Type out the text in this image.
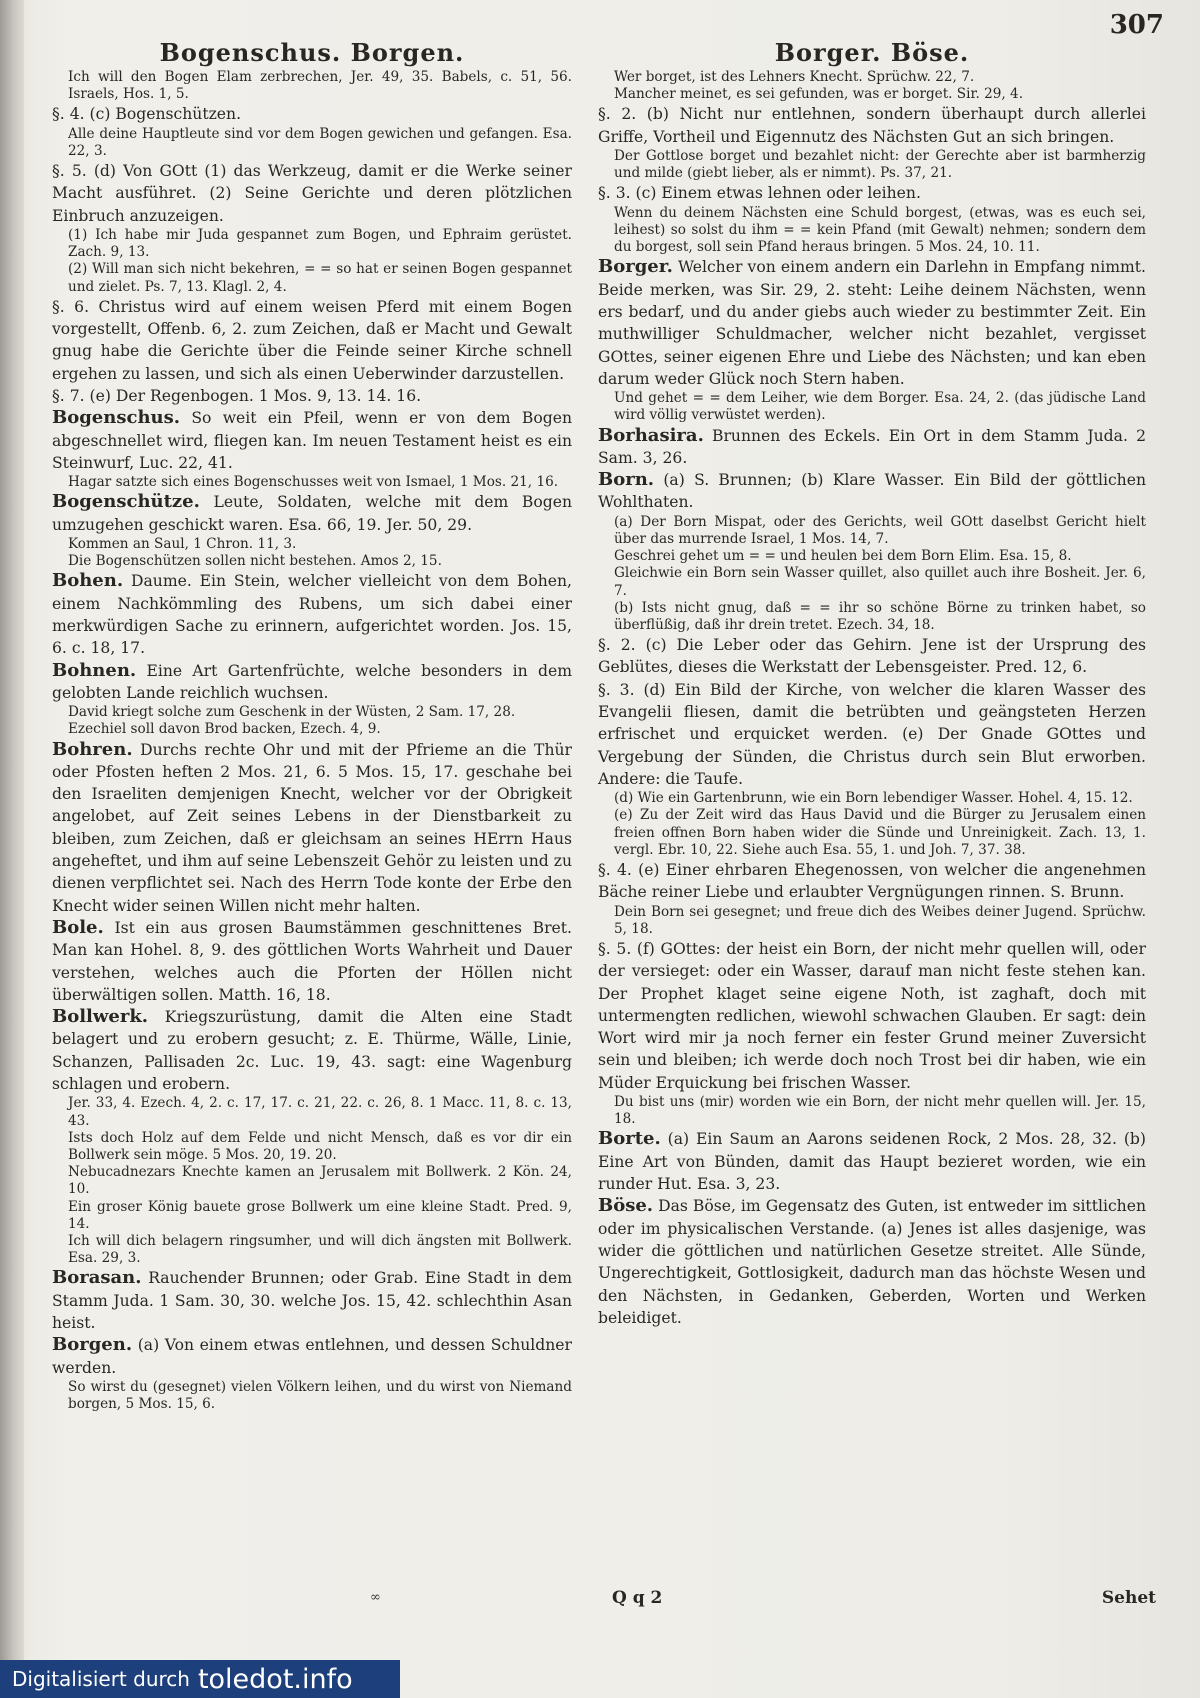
Bogenschus. Borgen.

Ich will den Bogen Elam zerbrechen, Jer. 49, 35. Babels, c. 51, 56. Israels, Hos. 1, 5.

§. 4. (c) Bogenschützen.

Alle deine Hauptleute sind vor dem Bogen gewichen und gefangen. Esa. 22, 3.

§. 5. (d) Von GOtt (1) das Werkzeug, damit er die Werke seiner Macht ausführet. (2) Seine Gerichte und deren plötzlichen Einbruch anzuzeigen.

(1) Ich habe mir Juda gespannet zum Bogen, und Ephraim gerüstet. Zach. 9, 13.

(2) Will man sich nicht bekehren, = = so hat er seinen Bogen gespannet und zielet. Ps. 7, 13. Klagl. 2, 4.

§. 6. Christus wird auf einem weisen Pferd mit einem Bogen vorgestellt, Offenb. 6, 2. zum Zeichen, daß er Macht und Gewalt gnug habe die Gerichte über die Feinde seiner Kirche schnell ergehen zu lassen, und sich als einen Ueberwinder darzustellen.

§. 7. (e) Der Regenbogen. 1 Mos. 9, 13. 14. 16.

Bogenschus. So weit ein Pfeil, wenn er von dem Bogen abgeschnellet wird, fliegen kan. Im neuen Testament heist es ein Steinwurf, Luc. 22, 41.

Hagar satzte sich eines Bogenschusses weit von Ismael, 1 Mos. 21, 16.

Bogenschütze. Leute, Soldaten, welche mit dem Bogen umzugehen geschickt waren. Esa. 66, 19. Jer. 50, 29.

Kommen an Saul, 1 Chron. 11, 3.

Die Bogenschützen sollen nicht bestehen. Amos 2, 15.

Bohen. Daume. Ein Stein, welcher vielleicht von dem Bohen, einem Nachkömmling des Rubens, um sich dabei einer merkwürdigen Sache zu erinnern, aufgerichtet worden. Jos. 15, 6. c. 18, 17.

Bohnen. Eine Art Gartenfrüchte, welche besonders in dem gelobten Lande reichlich wuchsen.

David kriegt solche zum Geschenk in der Wüsten, 2 Sam. 17, 28.

Ezechiel soll davon Brod backen, Ezech. 4, 9.

Bohren. Durchs rechte Ohr und mit der Pfrieme an die Thür oder Pfosten heften 2 Mos. 21, 6. 5 Mos. 15, 17. geschahe bei den Israeliten demjenigen Knecht, welcher vor der Obrigkeit angelobet, auf Zeit seines Lebens in der Dienstbarkeit zu bleiben, zum Zeichen, daß er gleichsam an seines HErrn Haus angeheftet, und ihm auf seine Lebenszeit Gehör zu leisten und zu dienen verpflichtet sei. Nach des Herrn Tode konte der Erbe den Knecht wider seinen Willen nicht mehr halten.

Bole. Ist ein aus grosen Baumstämmen geschnittenes Bret. Man kan Hohel. 8, 9. des göttlichen Worts Wahrheit und Dauer verstehen, welches auch die Pforten der Höllen nicht überwältigen sollen. Matth. 16, 18.

Bollwerk. Kriegszurüstung, damit die Alten eine Stadt belagert und zu erobern gesucht; z. E. Thürme, Wälle, Linie, Schanzen, Pallisaden 2c. Luc. 19, 43. sagt: eine Wagenburg schlagen und erobern.

Jer. 33, 4. Ezech. 4, 2. c. 17, 17. c. 21, 22. c. 26, 8. 1 Macc. 11, 8. c. 13, 43.

Ists doch Holz auf dem Felde und nicht Mensch, daß es vor dir ein Bollwerk sein möge. 5 Mos. 20, 19. 20.

Nebucadnezars Knechte kamen an Jerusalem mit Bollwerk. 2 Kön. 24, 10.

Ein groser König bauete grose Bollwerk um eine kleine Stadt. Pred. 9, 14.

Ich will dich belagern ringsumher, und will dich ängsten mit Bollwerk. Esa. 29, 3.

Borasan. Rauchender Brunnen; oder Grab. Eine Stadt in dem Stamm Juda. 1 Sam. 30, 30. welche Jos. 15, 42. schlechthin Asan heist.

Borgen. (a) Von einem etwas entlehnen, und dessen Schuldner werden.

So wirst du (gesegnet) vielen Völkern leihen, und du wirst von Niemand borgen, 5 Mos. 15, 6.

307
Borger. Böse.

Wer borget, ist des Lehners Knecht. Sprüchw. 22, 7.

Mancher meinet, es sei gefunden, was er borget. Sir. 29, 4.

§. 2. (b) Nicht nur entlehnen, sondern überhaupt durch allerlei Griffe, Vortheil und Eigennutz des Nächsten Gut an sich bringen.

Der Gottlose borget und bezahlet nicht: der Gerechte aber ist barmherzig und milde (giebt lieber, als er nimmt). Ps. 37, 21.

§. 3. (c) Einem etwas lehnen oder leihen.

Wenn du deinem Nächsten eine Schuld borgest, (etwas, was es euch sei, leihest) so solst du ihm = = kein Pfand (mit Gewalt) nehmen; sondern dem du borgest, soll sein Pfand heraus bringen. 5 Mos. 24, 10. 11.

Borger. Welcher von einem andern ein Darlehn in Empfang nimmt. Beide merken, was Sir. 29, 2. steht: Leihe deinem Nächsten, wenn ers bedarf, und du ander giebs auch wieder zu bestimmter Zeit. Ein muthwilliger Schuldmacher, welcher nicht bezahlet, vergisset GOttes, seiner eigenen Ehre und Liebe des Nächsten; und kan eben darum weder Glück noch Stern haben.

Und gehet = = dem Leiher, wie dem Borger. Esa. 24, 2. (das jüdische Land wird völlig verwüstet werden).

Borhasira. Brunnen des Eckels. Ein Ort in dem Stamm Juda. 2 Sam. 3, 26.

Born. (a) S. Brunnen; (b) Klare Wasser. Ein Bild der göttlichen Wohlthaten.

(a) Der Born Mispat, oder des Gerichts, weil GOtt daselbst Gericht hielt über das murrende Israel, 1 Mos. 14, 7.

Geschrei gehet um = = und heulen bei dem Born Elim. Esa. 15, 8.

Gleichwie ein Born sein Wasser quillet, also quillet auch ihre Bosheit. Jer. 6, 7.

(b) Ists nicht gnug, daß = = ihr so schöne Börne zu trinken habet, so überflüßig, daß ihr drein tretet. Ezech. 34, 18.

§. 2. (c) Die Leber oder das Gehirn. Jene ist der Ursprung des Geblütes, dieses die Werkstatt der Lebensgeister. Pred. 12, 6.

§. 3. (d) Ein Bild der Kirche, von welcher die klaren Wasser des Evangelii fliesen, damit die betrübten und geängsteten Herzen erfrischet und erquicket werden. (e) Der Gnade GOttes und Vergebung der Sünden, die Christus durch sein Blut erworben. Andere: die Taufe.

(d) Wie ein Gartenbrunn, wie ein Born lebendiger Wasser. Hohel. 4, 15. 12.

(e) Zu der Zeit wird das Haus David und die Bürger zu Jerusalem einen freien offnen Born haben wider die Sünde und Unreinigkeit. Zach. 13, 1. vergl. Ebr. 10, 22. Siehe auch Esa. 55, 1. und Joh. 7, 37. 38.

§. 4. (e) Einer ehrbaren Ehegenossen, von welcher die angenehmen Bäche reiner Liebe und erlaubter Vergnügungen rinnen. S. Brunn.

Dein Born sei gesegnet; und freue dich des Weibes deiner Jugend. Sprüchw. 5, 18.

§. 5. (f) GOttes: der heist ein Born, der nicht mehr quellen will, oder der versieget: oder ein Wasser, darauf man nicht feste stehen kan. Der Prophet klaget seine eigene Noth, ist zaghaft, doch mit untermengten redlichen, wiewohl schwachen Glauben. Er sagt: dein Wort wird mir ja noch ferner ein fester Grund meiner Zuversicht sein und bleiben; ich werde doch noch Trost bei dir haben, wie ein Müder Erquickung bei frischen Wasser.

Du bist uns (mir) worden wie ein Born, der nicht mehr quellen will. Jer. 15, 18.

Borte. (a) Ein Saum an Aarons seidenen Rock, 2 Mos. 28, 32. (b) Eine Art von Bünden, damit das Haupt bezieret worden, wie ein runder Hut. Esa. 3, 23.

Böse. Das Böse, im Gegensatz des Guten, ist entweder im sittlichen oder im physicalischen Verstande. (a) Jenes ist alles dasjenige, was wider die göttlichen und natürlichen Gesetze streitet. Alle Sünde, Ungerechtigkeit, Gottlosigkeit, dadurch man das höchste Wesen und den Nächsten, in Gedanken, Geberden, Worten und Werken beleidiget.

∞	Q q 2	Sehet
Digitalisiert durch toledot.info
